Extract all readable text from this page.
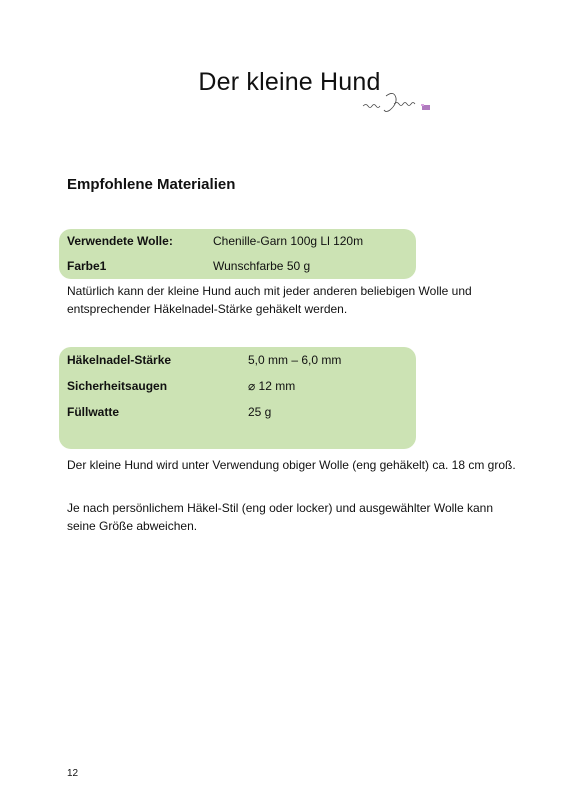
Der kleine Hund
Empfohlene Materialien
Verwendete Wolle:	Chenille-Garn 100g Ll 120m
Farbe1	Wunschfarbe 50 g
Natürlich kann der kleine Hund auch mit jeder anderen beliebigen Wolle und entsprechender Häkelnadel-Stärke gehäkelt werden.
Häkelnadel-Stärke	5,0 mm – 6,0 mm
Sicherheitsaugen	⌀ 12 mm
Füllwatte	25 g
Der kleine Hund wird unter Verwendung obiger Wolle (eng gehäkelt) ca. 18 cm groß.
Je nach persönlichem Häkel-Stil (eng oder locker) und ausgewählter Wolle kann seine Größe abweichen.
12
